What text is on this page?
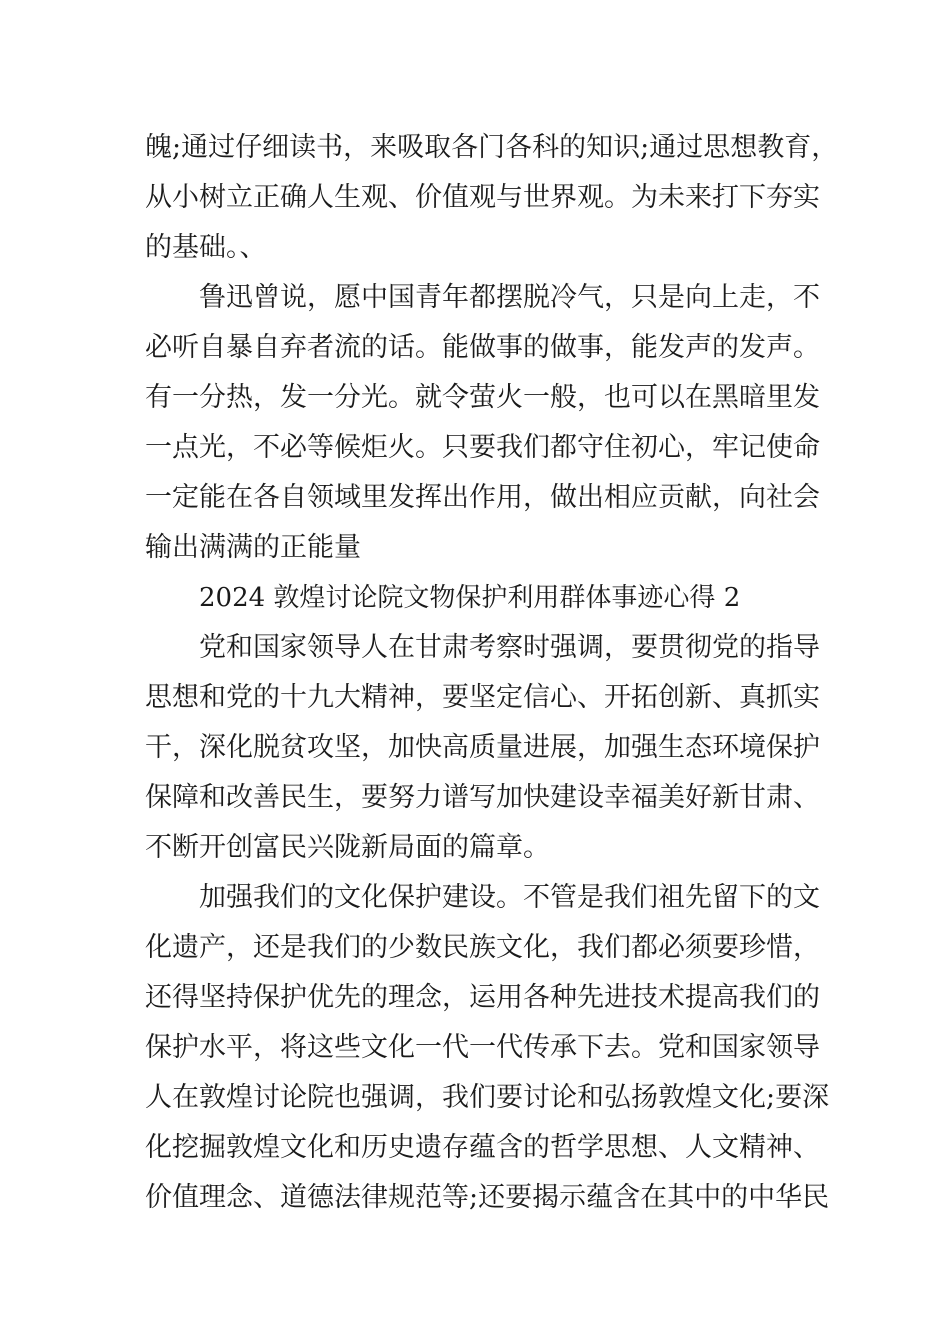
魄;通过仔细读书，来吸取各门各科的知识;通过思想教育，
从小树立正确人生观、价值观与世界观。为未来打下夯实
的基础。、

鲁迅曾说，愿中国青年都摆脱冷气，只是向上走，不
必听自暴自弃者流的话。能做事的做事，能发声的发声。
有一分热，发一分光。就令萤火一般，也可以在黑暗里发
一点光，不必等候炬火。只要我们都守住初心，牢记使命
一定能在各自领域里发挥出作用，做出相应贡献，向社会
输出满满的正能量

2024 敦煌讨论院文物保护利用群体事迹心得 2

党和国家领导人在甘肃考察时强调，要贯彻党的指导
思想和党的十九大精神，要坚定信心、开拓创新、真抓实
干，深化脱贫攻坚，加快高质量进展，加强生态环境保护
保障和改善民生，要努力谱写加快建设幸福美好新甘肃、
不断开创富民兴陇新局面的篇章。

加强我们的文化保护建设。不管是我们祖先留下的文
化遗产，还是我们的少数民族文化，我们都必须要珍惜，
还得坚持保护优先的理念，运用各种先进技术提高我们的
保护水平，将这些文化一代一代传承下去。党和国家领导
人在敦煌讨论院也强调，我们要讨论和弘扬敦煌文化;要深
化挖掘敦煌文化和历史遗存蕴含的哲学思想、人文精神、
价值理念、道德法律规范等;还要揭示蕴含在其中的中华民
